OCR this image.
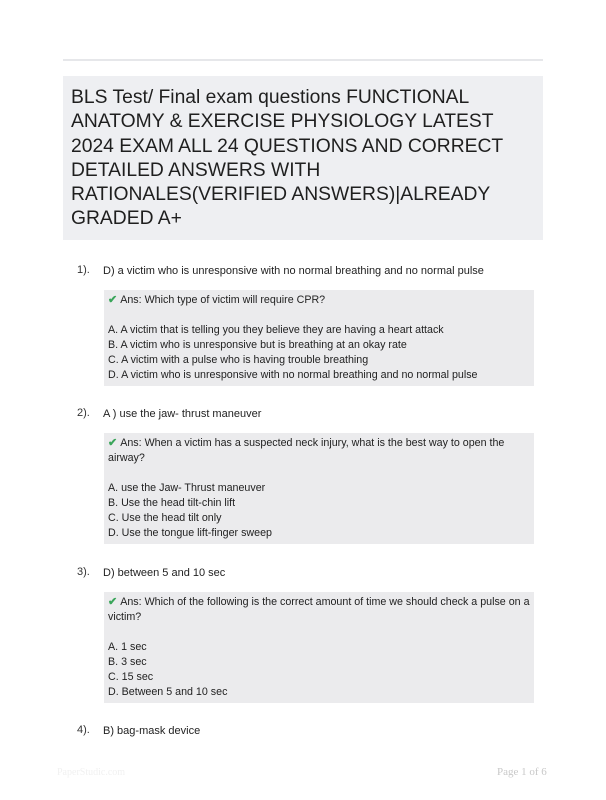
BLS Test/ Final exam questions FUNCTIONAL ANATOMY & EXERCISE PHYSIOLOGY LATEST 2024 EXAM ALL 24 QUESTIONS AND CORRECT DETAILED ANSWERS WITH RATIONALES(VERIFIED ANSWERS)|ALREADY GRADED A+
1). D) a victim who is unresponsive with no normal breathing and no normal pulse

✔ Ans: Which type of victim will require CPR?

A. A victim that is telling you they believe they are having a heart attack

B. A victim who is unresponsive but is breathing at an okay rate

C. A victim with a pulse who is having trouble breathing

D. A victim who is unresponsive with no normal breathing and no normal pulse

2). A ) use the jaw- thrust maneuver

✔ Ans: When a victim has a suspected neck injury, what is the best way to open the airway?

A. use the Jaw- Thrust maneuver

B. Use the head tilt-chin lift

C. Use the head tilt only

D. Use the tongue lift-finger sweep

3). D) between 5 and 10 sec

✔ Ans: Which of the following is the correct amount of time we should check a pulse on a victim?

A. 1 sec

B. 3 sec

C. 15 sec

D. Between 5 and 10 sec

4). B) bag-mask device
PaperStudic.com	Page 1 of 6
